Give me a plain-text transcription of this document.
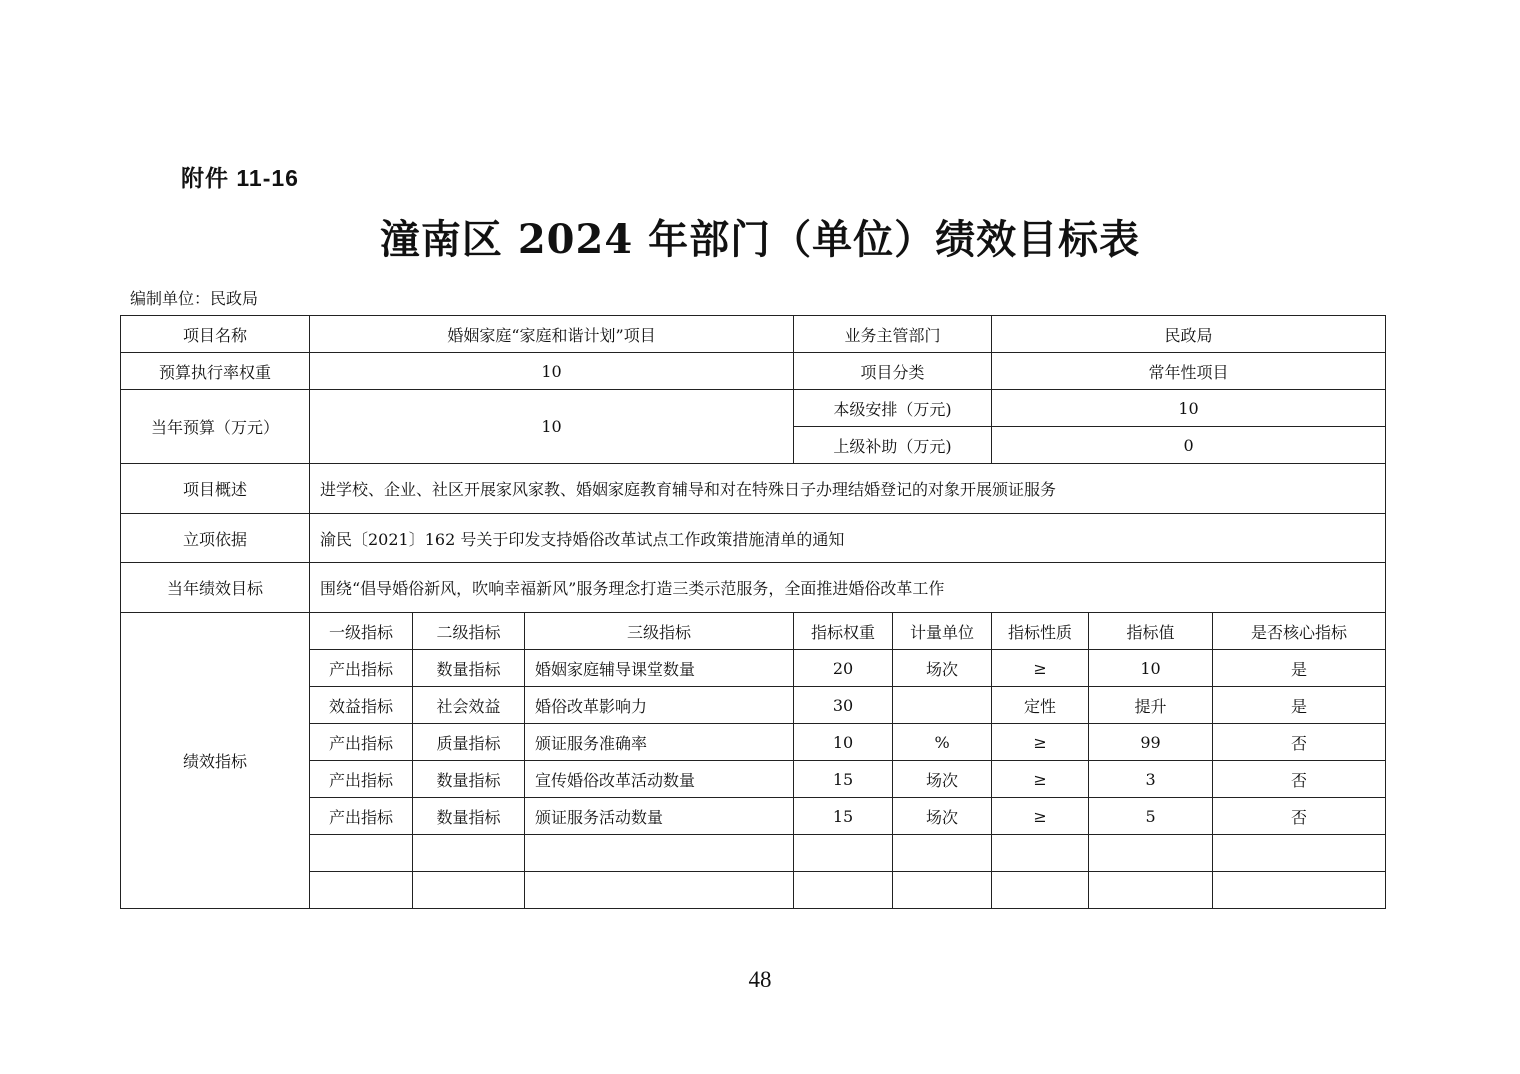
附件 11-16
潼南区 2024 年部门（单位）绩效目标表
编制单位：民政局
项目名称	婚姻家庭“家庭和谐计划”项目			业务主管部门		民政局		
预算执行率权重	10			项目分类		常年性项目		
当年预算（万元）	10			本级安排（万元)		10		
				上级补助（万元)		0		
项目概述	进学校、企业、社区开展家风家教、婚姻家庭教育辅导和对在特殊日子办理结婚登记的对象开展颁证服务							
立项依据	渝民〔2021〕162 号关于印发支持婚俗改革试点工作政策措施清单的通知							
当年绩效目标	围绕“倡导婚俗新风，吹响幸福新风”服务理念打造三类示范服务，全面推进婚俗改革工作							
绩效指标	一级指标	二级指标	三级指标	指标权重	计量单位	指标性质	指标值	是否核心指标
	产出指标	数量指标	婚姻家庭辅导课堂数量	20	场次	≥	10	是
	效益指标	社会效益	婚俗改革影响力	30		定性	提升	是
	产出指标	质量指标	颁证服务准确率	10	%	≥	99	否
	产出指标	数量指标	宣传婚俗改革活动数量	15	场次	≥	3	否
	产出指标	数量指标	颁证服务活动数量	15	场次	≥	5	否

48
